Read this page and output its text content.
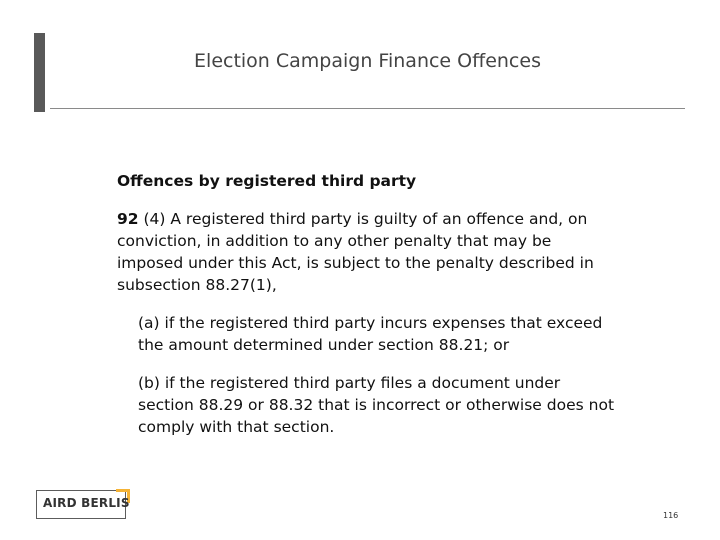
Election Campaign Finance Offences

Offences by registered third party

92 (4) A registered third party is guilty of an offence and, on conviction, in addition to any other penalty that may be imposed under this Act, is subject to the penalty described in subsection 88.27(1),

(a) if the registered third party incurs expenses that exceed the amount determined under section 88.21; or

(b) if the registered third party files a document under section 88.29 or 88.32 that is incorrect or otherwise does not comply with that section.

AIRD BERLIS
116
